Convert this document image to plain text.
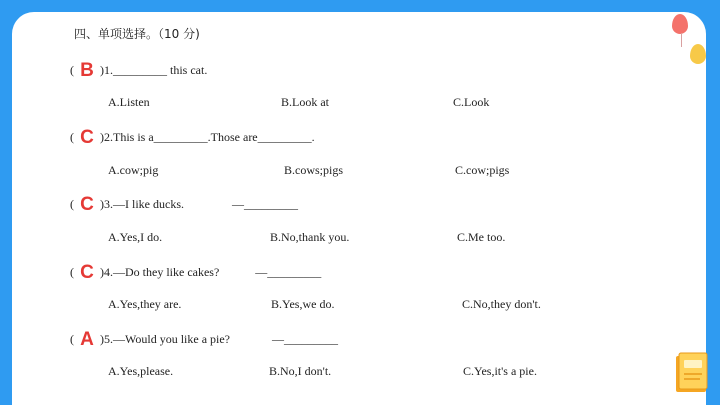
四、单项选择。（10 分)
( B )1._________ this cat.
A.Listen	B.Look at	C.Look
( C )2.This is a_________.Those are_________.
A.cow;pig	B.cows;pigs	C.cow;pigs
( C )3.—I like ducks.                —_________
A.Yes,I do.	B.No,thank you.	C.Me too.
( C )4.—Do they like cakes?            —_________
A.Yes,they are.	B.Yes,we do.	C.No,they don't.
( A )5.—Would you like a pie?              —_________
A.Yes,please.	B.No,I don't.	C.Yes,it's a pie.
